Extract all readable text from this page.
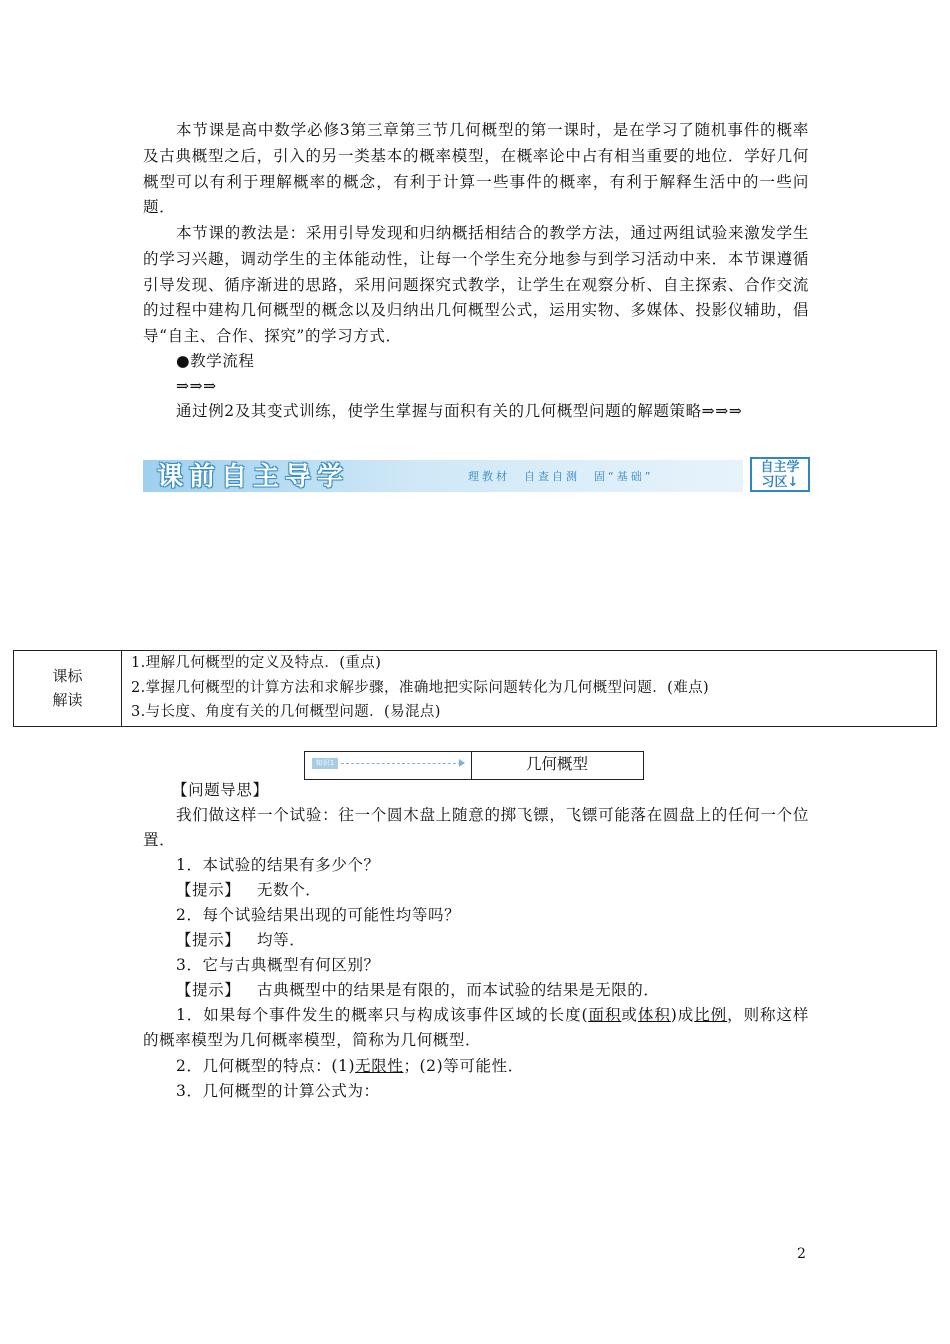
本节课是高中数学必修3第三章第三节几何概型的第一课时，是在学习了随机事件的概率及古典概型之后，引入的另一类基本的概率模型，在概率论中占有相当重要的地位．学好几何概型可以有利于理解概率的概念，有利于计算一些事件的概率，有利于解释生活中的一些问题．

本节课的教法是：采用引导发现和归纳概括相结合的教学方法，通过两组试验来激发学生的学习兴趣，调动学生的主体能动性，让每一个学生充分地参与到学习活动中来．本节课遵循引导发现、循序渐进的思路，采用问题探究式教学，让学生在观察分析、自主探索、合作交流的过程中建构几何概型的概念以及归纳出几何概型公式，运用实物、多媒体、投影仪辅助，倡导“自主、合作、探究”的学习方式．

●教学流程

⇒⇒⇒

通过例2及其变式训练，使学生掌握与面积有关的几何概型问题的解题策略⇒⇒⇒

课前自主导学	理教材　自查自测　固“基础”
自主学
习区↓
课标
解读
1.理解几何概型的定义及特点．(重点)
2.掌握几何概型的计算方法和求解步骤，准确地把实际问题转化为几何概型问题．(难点)
3.与长度、角度有关的几何概型问题．(易混点)
知识1	几何概型

【问题导思】

我们做这样一个试验：往一个圆木盘上随意的掷飞镖，飞镖可能落在圆盘上的任何一个位置．

1．本试验的结果有多少个？

【提示】 无数个．

2．每个试验结果出现的可能性均等吗？

【提示】 均等．

3．它与古典概型有何区别？

【提示】 古典概型中的结果是有限的，而本试验的结果是无限的．

1．如果每个事件发生的概率只与构成该事件区域的长度(面积或体积)成比例，则称这样的概率模型为几何概率模型，简称为几何概型．

2．几何概型的特点：(1)无限性；(2)等可能性．

3．几何概型的计算公式为：

2
